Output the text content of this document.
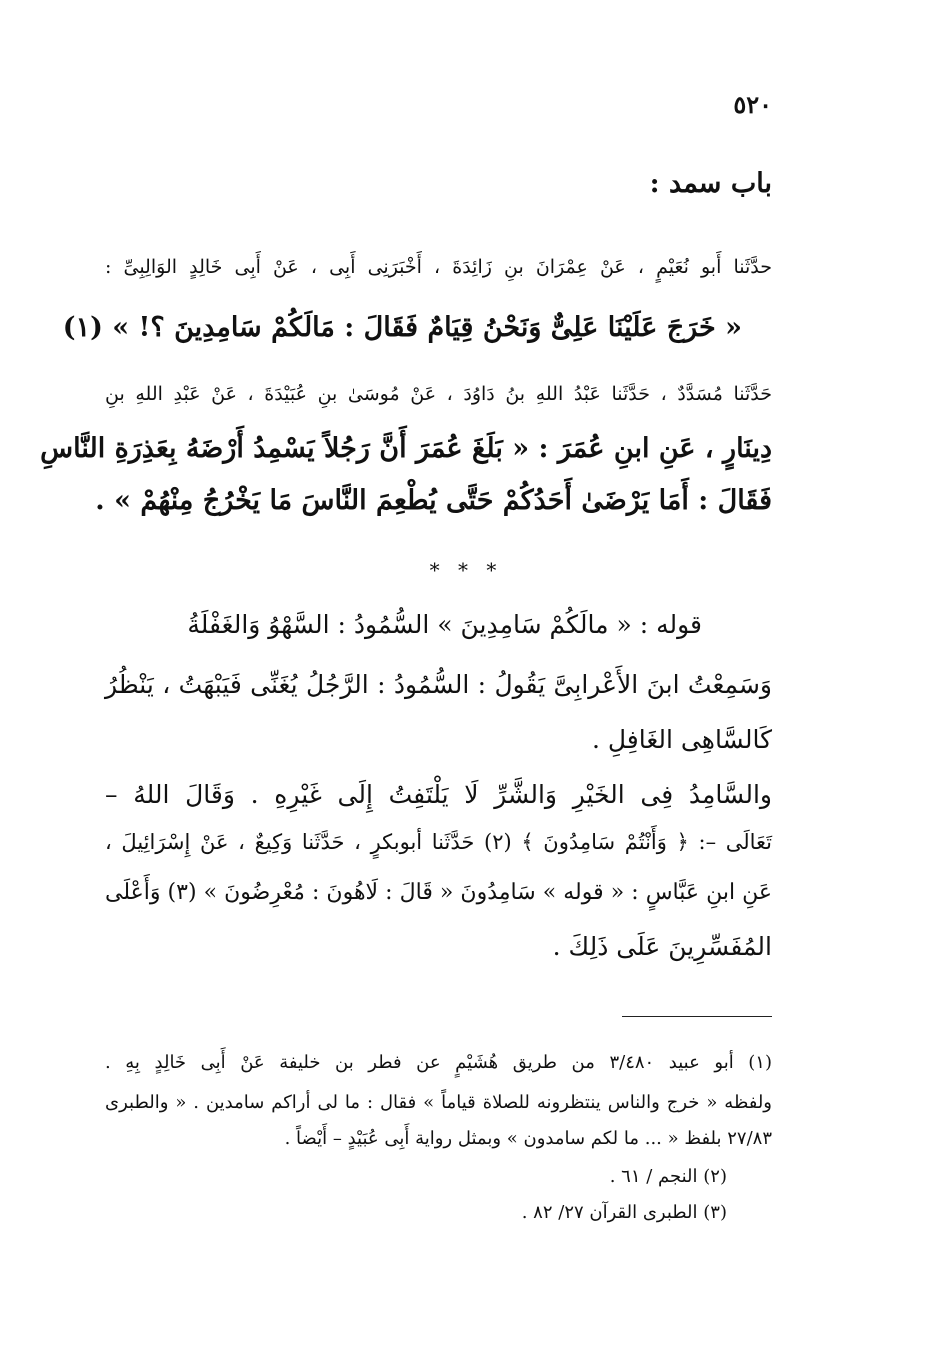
٥٢٠
باب سمد :
حدَّثَنا أَبو نُعَيْمٍ ، عَنْ عِمْرَانَ بنِ زَائِدَةَ ، أَخْبَرَنِى أَبِى ، عَنْ أَبِى خَالِدٍ الوَالِبِىِّ :
« خَرَجَ عَلَيْنَا عَلِىٌّ وَنَحْنُ قِيَامٌ فَقَالَ : مَالَكُمْ سَامِدِينَ ؟! » (١)
حَدَّثَنا مُسَدَّدٌ ، حَدَّثَنا عَبْدُ اللهِ بنُ دَاوُدَ ، عَنْ مُوسَىٰ بنِ عُبَيْدَةَ ، عَنْ عَبْدِ اللهِ بنِ
دِينَارٍ ، عَنِ ابنِ عُمَرَ : « بَلَغَ عُمَرَ أَنَّ رَجُلاً يَسْمِدُ أَرْضَهُ بِعَذِرَةِ النَّاسِ
فَقَالَ : أَمَا يَرْضَىٰ أَحَدُكُمْ حَتَّى يُطْعِمَ النَّاسَ مَا يَخْرُجُ مِنْهُمْ » .
* * *
قوله : « مالَكُمْ سَامِدِينَ » السُّمُودُ : السَّهْوُ وَالغَفْلَةُ
وَسَمِعْتُ ابنَ الأَعْرابِىَّ يَقُولُ : السُّمُودُ : الرَّجُلُ يُغَنِّى فَيَبْهَتُ ، يَنْظُرُ
كَالسَّاهِى الغَافِلِ .
والسَّامِدُ فِى الخَيْرِ وَالشَّرِّ لَا يَلْتَفِتُ إِلَى غَيْرِهِ . وَقَالَ اللهُ –
تَعَالَى –: ﴿ وَأَنْتُمْ سَامِدُونَ ﴾ (٢) حَدَّثَنا أبوبكرٍ ، حَدَّثَنا وَكِيعٌ ، عَنْ إِسْرَائِيلَ ،
عَنِ ابنِ عَبَّاسٍ : « قوله » سَامِدُونَ « قَالَ : لَاهُونَ : مُعْرِضُونَ » (٣) وَأَعْلَى
المُفَسِّرِينَ عَلَى ذَلِكَ .
(١) أبو عبيد ٣/٤٨٠ من طريق هُشَيْمٍ عن فطر بن خليفة عَنْ أَبِى خَالِدٍ بِهِ .
ولفظه « خرج والناس ينتظرونه للصلاة قياماً » فقال : ما لى أراكم سامدين . « والطبرى
٢٧/٨٣ بلفظ « ... ما لكم سامدون » وبمثل رواية أَبِى عُبَيْدٍ – أَيْضاً .
(٢) النجم / ٦١ .
(٣) الطبرى القرآن ٢٧/ ٨٢ .
